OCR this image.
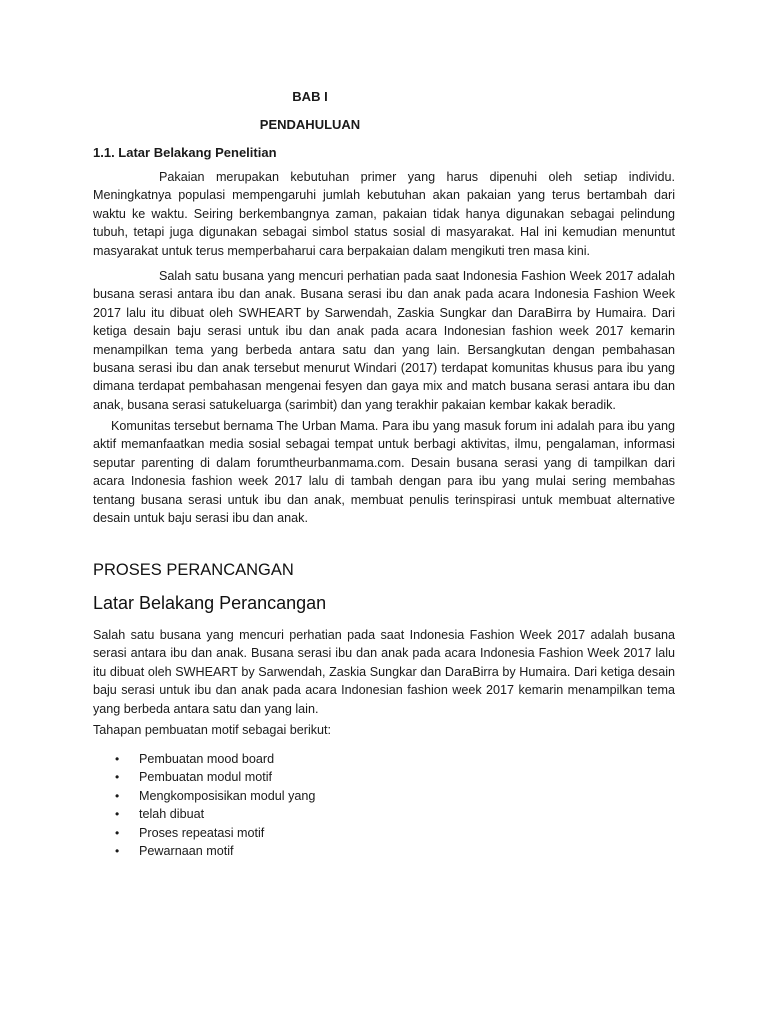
BAB I
PENDAHULUAN
1.1. Latar Belakang Penelitian

Pakaian merupakan kebutuhan primer yang harus dipenuhi oleh setiap individu. Meningkatnya populasi mempengaruhi jumlah kebutuhan akan pakaian yang terus bertambah dari waktu ke waktu. Seiring berkembangnya zaman, pakaian tidak hanya digunakan sebagai pelindung tubuh, tetapi juga digunakan sebagai simbol status sosial di masyarakat. Hal ini kemudian menuntut masyarakat untuk terus memperbaharui cara berpakaian dalam mengikuti tren masa kini.

Salah satu busana yang mencuri perhatian pada saat Indonesia Fashion Week 2017 adalah busana serasi antara ibu dan anak. Busana serasi ibu dan anak pada acara Indonesia Fashion Week 2017 lalu itu dibuat oleh SWHEART by Sarwendah, Zaskia Sungkar dan DaraBirra by Humaira. Dari ketiga desain baju serasi untuk ibu dan anak pada acara Indonesian fashion week 2017 kemarin menampilkan tema yang berbeda antara satu dan yang lain. Bersangkutan dengan pembahasan busana serasi ibu dan anak tersebut menurut Windari (2017) terdapat komunitas khusus para ibu yang dimana terdapat pembahasan mengenai fesyen dan gaya mix and match busana serasi antara ibu dan anak, busana serasi satukeluarga (sarimbit) dan yang terakhir pakaian kembar kakak beradik.

Komunitas tersebut bernama The Urban Mama. Para ibu yang masuk forum ini adalah para ibu yang aktif memanfaatkan media sosial sebagai tempat untuk berbagi aktivitas, ilmu, pengalaman, informasi seputar parenting di dalam forumtheurbanmama.com. Desain busana serasi yang di tampilkan dari acara Indonesia fashion week 2017 lalu di tambah dengan para ibu yang mulai sering membahas tentang busana serasi untuk ibu dan anak, membuat penulis terinspirasi untuk membuat alternative desain untuk baju serasi ibu dan anak.

PROSES PERANCANGAN
Latar Belakang Perancangan

Salah satu busana yang mencuri perhatian pada saat Indonesia Fashion Week 2017 adalah busana serasi antara ibu dan anak. Busana serasi ibu dan anak pada acara Indonesia Fashion Week 2017 lalu itu dibuat oleh SWHEART by Sarwendah, Zaskia Sungkar dan DaraBirra by Humaira. Dari ketiga desain baju serasi untuk ibu dan anak pada acara Indonesian fashion week 2017 kemarin menampilkan tema yang berbeda antara satu dan yang lain.

Tahapan pembuatan motif sebagai berikut:

• Pembuatan mood board
• Pembuatan modul motif
• Mengkomposisikan modul yang
• telah dibuat
• Proses repeatasi motif
• Pewarnaan motif
